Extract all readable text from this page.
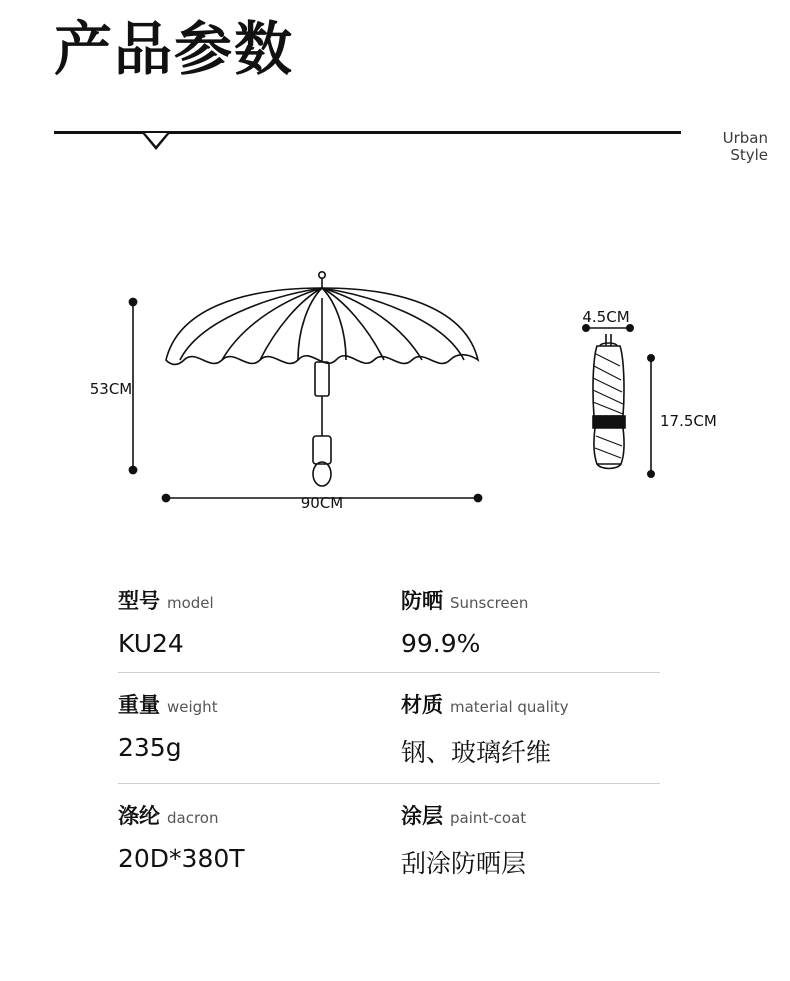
产品参数
Urban
Style
53CM
90CM
4.5CM
17.5CM
型号 model
KU24
防晒 Sunscreen
99.9%
重量 weight
235g
材质 material quality
钢、玻璃纤维
涤纶 dacron
20D*380T
涂层 paint-coat
刮涂防晒层
